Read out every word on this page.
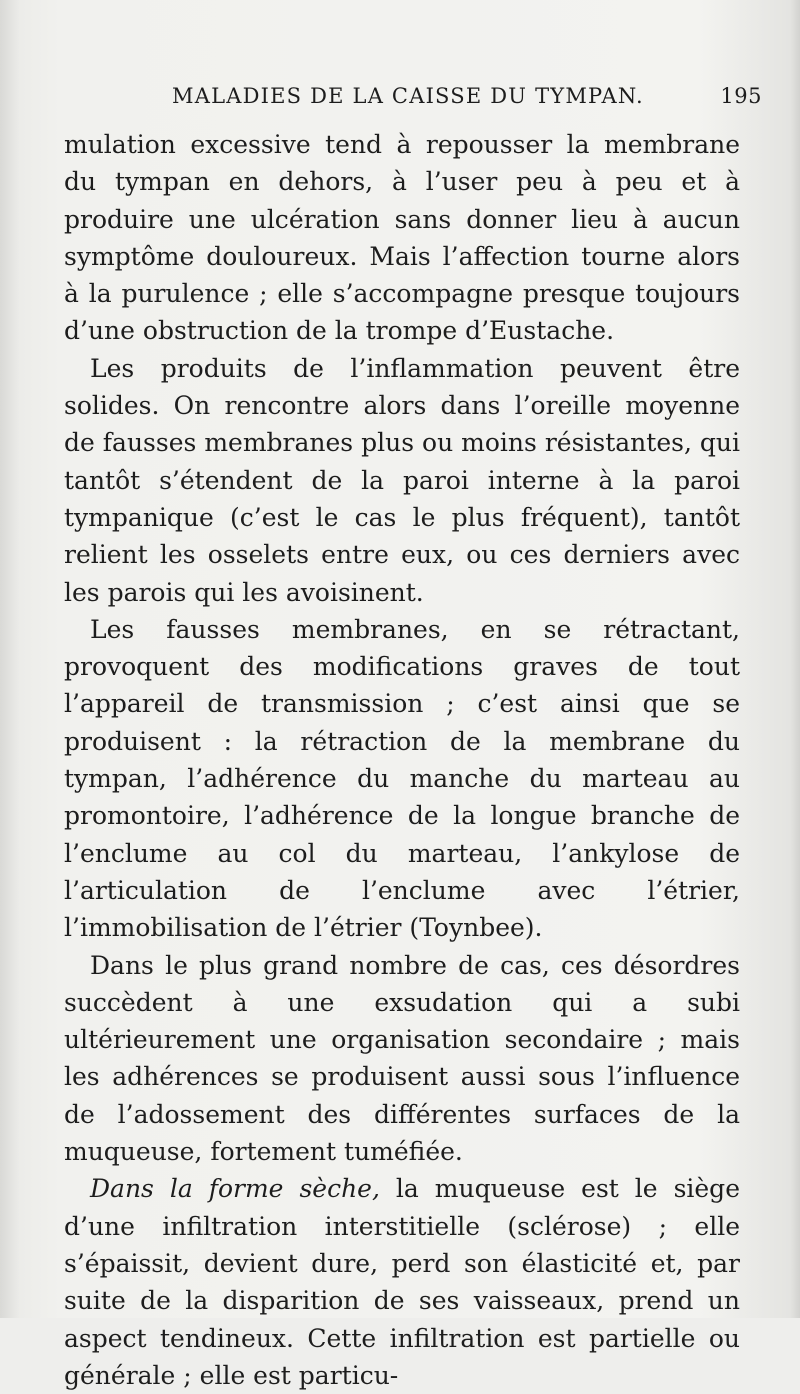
MALADIES DE LA CAISSE DU TYMPAN.	195

mulation excessive tend à repousser la membrane du tympan en dehors, à l’user peu à peu et à produire une ulcération sans donner lieu à aucun symptôme douloureux. Mais l’affection tourne alors à la purulence ; elle s’accompagne presque toujours d’une obstruction de la trompe d’Eustache.

Les produits de l’inflammation peuvent être solides. On rencontre alors dans l’oreille moyenne de fausses membranes plus ou moins résistantes, qui tantôt s’étendent de la paroi interne à la paroi tympanique (c’est le cas le plus fréquent), tantôt relient les osselets entre eux, ou ces derniers avec les parois qui les avoisinent.

Les fausses membranes, en se rétractant, provoquent des modifications graves de tout l’appareil de transmission ; c’est ainsi que se produisent : la rétraction de la membrane du tympan, l’adhérence du manche du marteau au promontoire, l’adhérence de la longue branche de l’enclume au col du marteau, l’ankylose de l’articulation de l’enclume avec l’étrier, l’immobilisation de l’étrier (Toynbee).

Dans le plus grand nombre de cas, ces désordres succèdent à une exsudation qui a subi ultérieurement une organisation secondaire ; mais les adhérences se produisent aussi sous l’influence de l’adossement des différentes surfaces de la muqueuse, fortement tuméfiée.

Dans la forme sèche, la muqueuse est le siège d’une infiltration interstitielle (sclérose) ; elle s’épaissit, devient dure, perd son élasticité et, par suite de la disparition de ses vaisseaux, prend un aspect tendineux. Cette infiltration est partielle ou générale ; elle est particu-
